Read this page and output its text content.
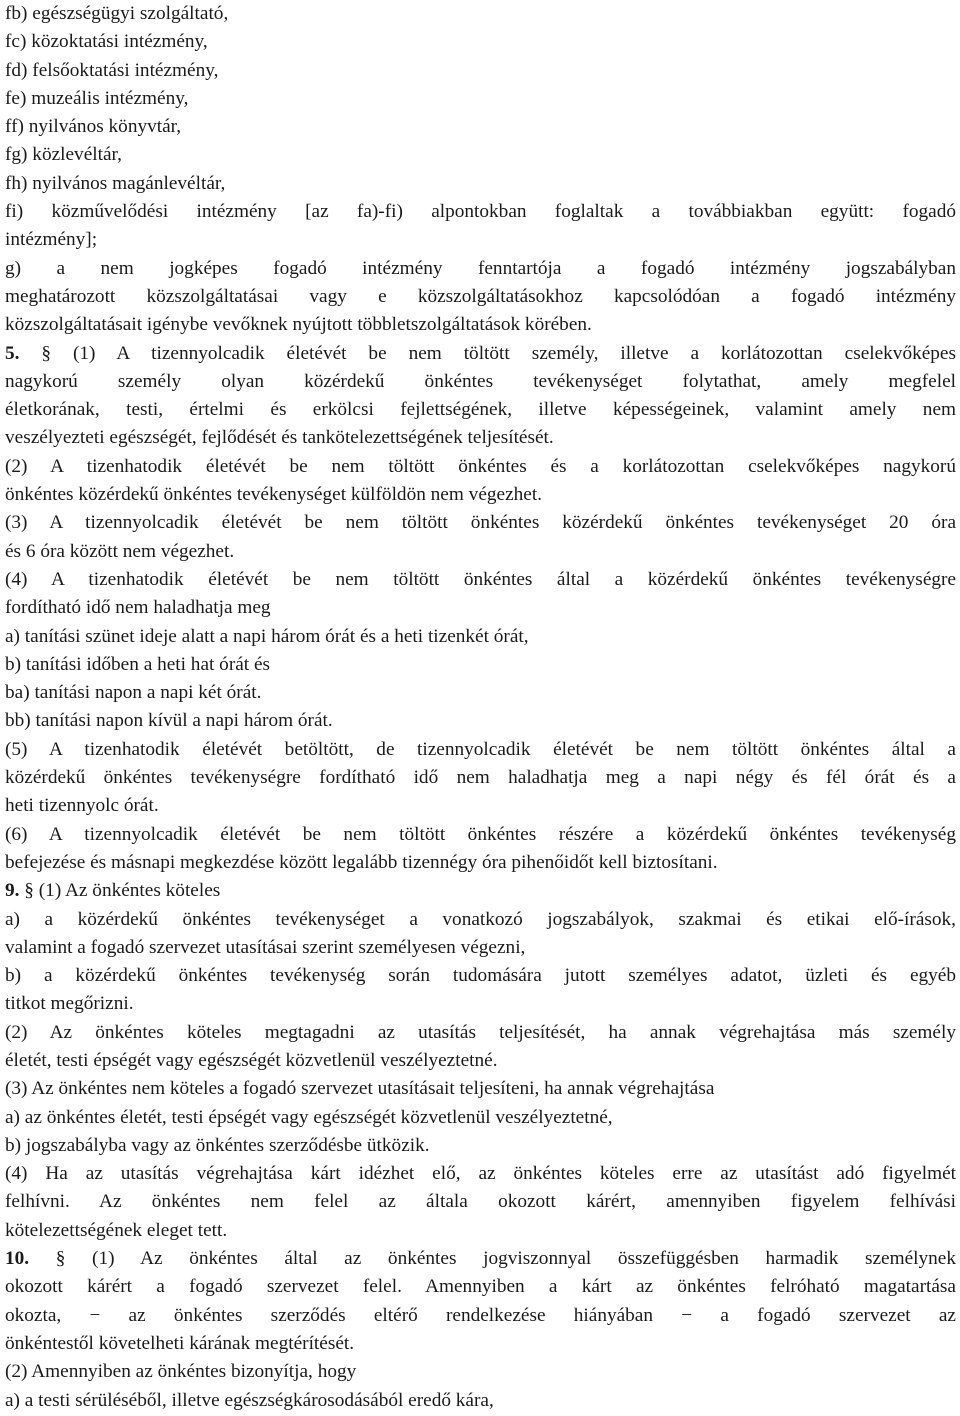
fb) egészségügyi szolgáltató,
fc) közoktatási intézmény,
fd) felsőoktatási intézmény,
fe) muzeális intézmény,
ff) nyilvános könyvtár,
fg) közlevéltár,
fh) nyilvános magánlevéltár,
fi) közművelődési intézmény [az fa)-fi) alpontokban foglaltak a továbbiakban együtt: fogadó
intézmény];
g) a nem jogképes fogadó intézmény fenntartója a fogadó intézmény jogszabályban
meghatározott közszolgáltatásai vagy e közszolgáltatásokhoz kapcsolódóan a fogadó intézmény
közszolgáltatásait igénybe vevőknek nyújtott többletszolgáltatások körében.
5. § (1) A tizennyolcadik életévét be nem töltött személy, illetve a korlátozottan cselekvőképes
nagykorú személy olyan közérdekű önkéntes tevékenységet folytathat, amely megfelel
életkorának, testi, értelmi és erkölcsi fejlettségének, illetve képességeinek, valamint amely nem
veszélyezteti egészségét, fejlődését és tankötelezettségének teljesítését.
(2) A tizenhatodik életévét be nem töltött önkéntes és a korlátozottan cselekvőképes nagykorú
önkéntes közérdekű önkéntes tevékenységet külföldön nem végezhet.
(3) A tizennyolcadik életévét be nem töltött önkéntes közérdekű önkéntes tevékenységet 20 óra
és 6 óra között nem végezhet.
(4) A tizenhatodik életévét be nem töltött önkéntes által a közérdekű önkéntes tevékenységre
fordítható idő nem haladhatja meg
a) tanítási szünet ideje alatt a napi három órát és a heti tizenkét órát,
b) tanítási időben a heti hat órát és
ba) tanítási napon a napi két órát.
bb) tanítási napon kívül a napi három órát.
(5) A tizenhatodik életévét betöltött, de tizennyolcadik életévét be nem töltött önkéntes által a
közérdekű önkéntes tevékenységre fordítható idő nem haladhatja meg a napi négy és fél órát és a
heti tizennyolc órát.
(6) A tizennyolcadik életévét be nem töltött önkéntes részére a közérdekű önkéntes tevékenység
befejezése és másnapi megkezdése között legalább tizennégy óra pihenőidőt kell biztosítani.
9. § (1) Az önkéntes köteles
a) a közérdekű önkéntes tevékenységet a vonatkozó jogszabályok, szakmai és etikai elő-írások,
valamint a fogadó szervezet utasításai szerint személyesen végezni,
b) a közérdekű önkéntes tevékenység során tudomására jutott személyes adatot, üzleti és egyéb
titkot megőrizni.
(2) Az önkéntes köteles megtagadni az utasítás teljesítését, ha annak végrehajtása más személy
életét, testi épségét vagy egészségét közvetlenül veszélyeztetné.
(3) Az önkéntes nem köteles a fogadó szervezet utasításait teljesíteni, ha annak végrehajtása
a) az önkéntes életét, testi épségét vagy egészségét közvetlenül veszélyeztetné,
b) jogszabályba vagy az önkéntes szerződésbe ütközik.
(4) Ha az utasítás végrehajtása kárt idézhet elő, az önkéntes köteles erre az utasítást adó figyelmét
felhívni. Az önkéntes nem felel az általa okozott kárért, amennyiben figyelem felhívási
kötelezettségének eleget tett.
10. § (1) Az önkéntes által az önkéntes jogviszonnyal összefüggésben harmadik személynek
okozott kárért a fogadó szervezet felel. Amennyiben a kárt az önkéntes felróható magatartása
okozta, − az önkéntes szerződés eltérő rendelkezése hiányában − a fogadó szervezet az
önkéntestől követelheti kárának megtérítését.
(2) Amennyiben az önkéntes bizonyítja, hogy
a) a testi sérüléséből, illetve egészségkárosodásából eredő kára,
